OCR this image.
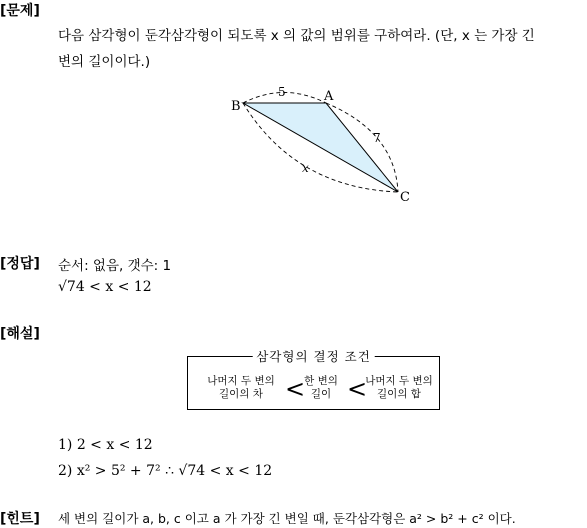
[문제]
다음 삼각형이 둔각삼각형이 되도록 x 의 값의 범위를 구하여라. (단, x 는 가장 긴
변의 길이이다.)
A
B
C
5
7
x
[정답] 순서: 없음, 갯수: 1
√74 < x < 12
[해설]
삼각형의 결정 조건
나머지 두 변의
길이의 차 < 한 변의
길이 <
나머지 두 변의
길이의 합
1) 2 < x < 12
2) x² > 5² + 7² ∴ √74 < x < 12
[힌트] 세 변의 길이가 a, b, c 이고 a 가 가장 긴 변일 때, 둔각삼각형은 a² > b² + c² 이다.
